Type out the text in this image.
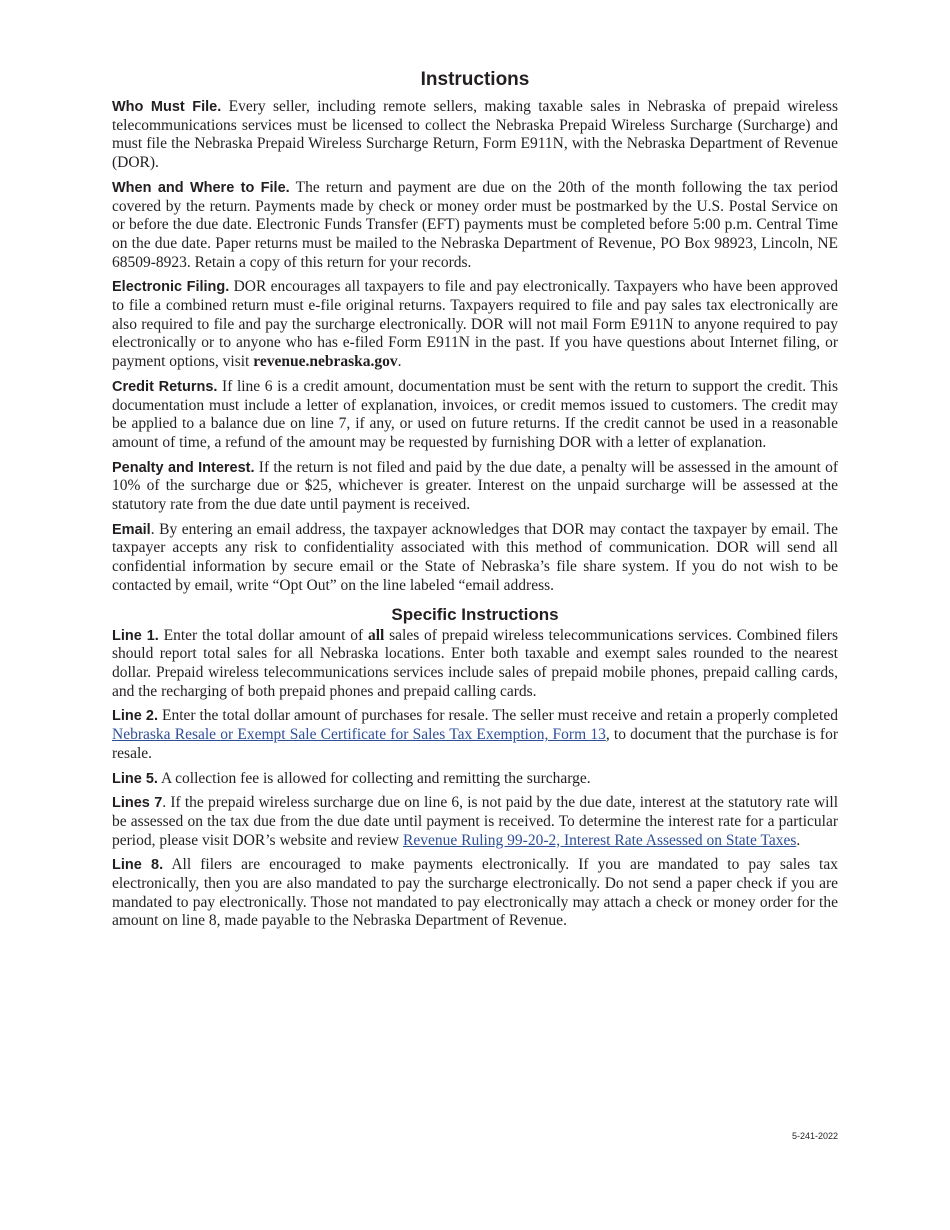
Instructions

Who Must File. Every seller, including remote sellers, making taxable sales in Nebraska of prepaid wireless telecommunications services must be licensed to collect the Nebraska Prepaid Wireless Surcharge (Surcharge) and must file the Nebraska Prepaid Wireless Surcharge Return, Form E911N, with the Nebraska Department of Revenue (DOR).

When and Where to File. The return and payment are due on the 20th of the month following the tax period covered by the return. Payments made by check or money order must be postmarked by the U.S. Postal Service on or before the due date. Electronic Funds Transfer (EFT) payments must be completed before 5:00 p.m. Central Time on the due date. Paper returns must be mailed to the Nebraska Department of Revenue, PO Box 98923, Lincoln, NE 68509-8923. Retain a copy of this return for your records.

Electronic Filing. DOR encourages all taxpayers to file and pay electronically. Taxpayers who have been approved to file a combined return must e-file original returns. Taxpayers required to file and pay sales tax electronically are also required to file and pay the surcharge electronically. DOR will not mail Form E911N to anyone required to pay electronically or to anyone who has e-filed Form E911N in the past. If you have questions about Internet filing, or payment options, visit revenue.nebraska.gov.

Credit Returns. If line 6 is a credit amount, documentation must be sent with the return to support the credit. This documentation must include a letter of explanation, invoices, or credit memos issued to customers. The credit may be applied to a balance due on line 7, if any, or used on future returns. If the credit cannot be used in a reasonable amount of time, a refund of the amount may be requested by furnishing DOR with a letter of explanation.

Penalty and Interest. If the return is not filed and paid by the due date, a penalty will be assessed in the amount of 10% of the surcharge due or $25, whichever is greater. Interest on the unpaid surcharge will be assessed at the statutory rate from the due date until payment is received.

Email. By entering an email address, the taxpayer acknowledges that DOR may contact the taxpayer by email. The taxpayer accepts any risk to confidentiality associated with this method of communication. DOR will send all confidential information by secure email or the State of Nebraska’s file share system. If you do not wish to be contacted by email, write “Opt Out” on the line labeled “email address.

Specific Instructions

Line 1. Enter the total dollar amount of all sales of prepaid wireless telecommunications services. Combined filers should report total sales for all Nebraska locations. Enter both taxable and exempt sales rounded to the nearest dollar. Prepaid wireless telecommunications services include sales of prepaid mobile phones, prepaid calling cards, and the recharging of both prepaid phones and prepaid calling cards.

Line 2. Enter the total dollar amount of purchases for resale. The seller must receive and retain a properly completed Nebraska Resale or Exempt Sale Certificate for Sales Tax Exemption, Form 13, to document that the purchase is for resale.

Line 5. A collection fee is allowed for collecting and remitting the surcharge.

Lines 7. If the prepaid wireless surcharge due on line 6, is not paid by the due date, interest at the statutory rate will be assessed on the tax due from the due date until payment is received. To determine the interest rate for a particular period, please visit DOR’s website and review Revenue Ruling 99-20-2, Interest Rate Assessed on State Taxes.

Line 8. All filers are encouraged to make payments electronically. If you are mandated to pay sales tax electronically, then you are also mandated to pay the surcharge electronically. Do not send a paper check if you are mandated to pay electronically. Those not mandated to pay electronically may attach a check or money order for the amount on line 8, made payable to the Nebraska Department of Revenue.

5-241-2022
